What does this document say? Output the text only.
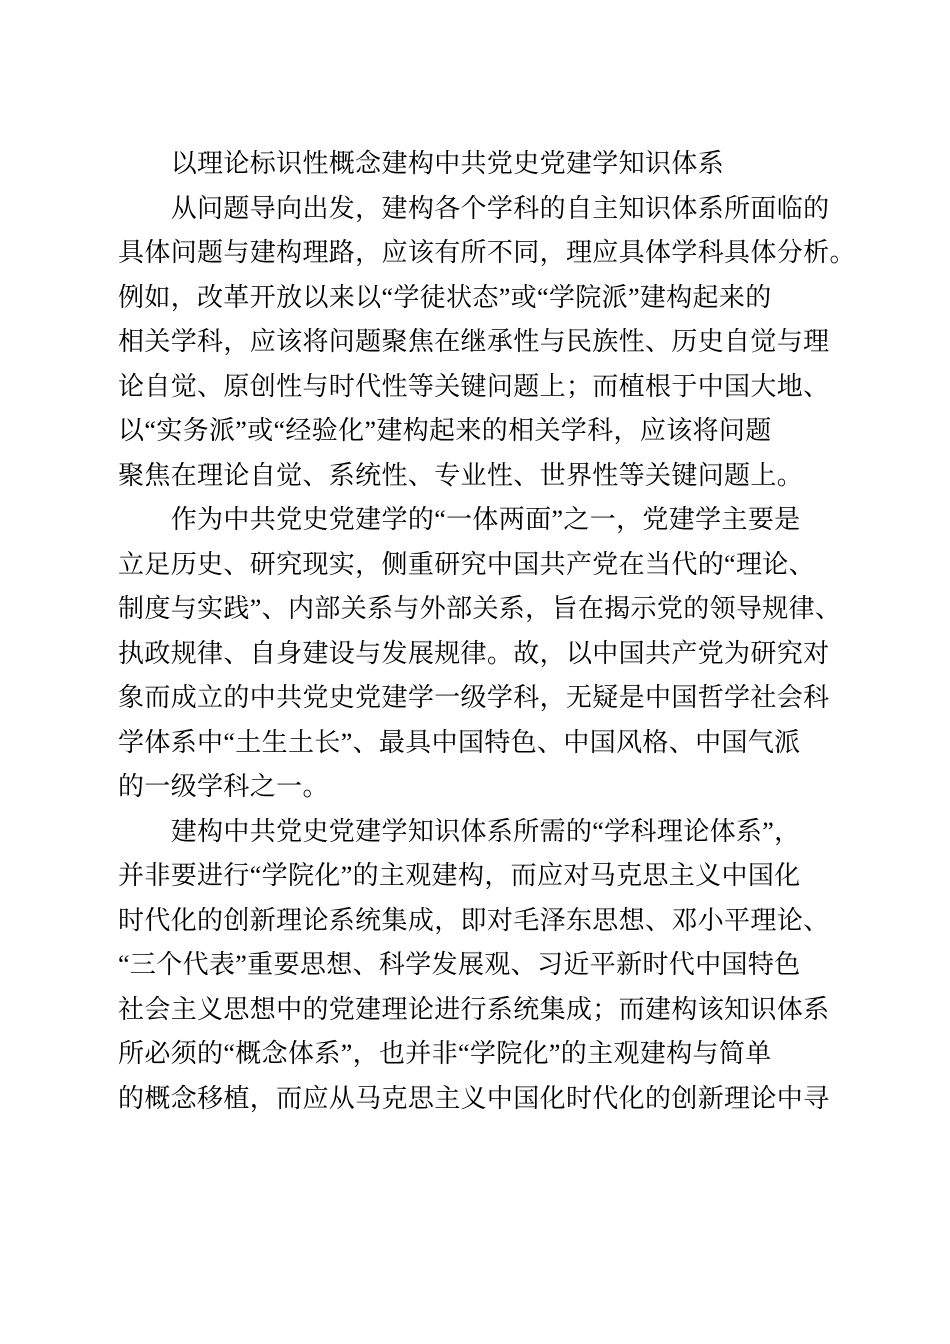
以理论标识性概念建构中共党史党建学知识体系
从问题导向出发，建构各个学科的自主知识体系所面临的
具体问题与建构理路，应该有所不同，理应具体学科具体分析。
例如，改革开放以来以“学徒状态”或“学院派”建构起来的
相关学科，应该将问题聚焦在继承性与民族性、历史自觉与理
论自觉、原创性与时代性等关键问题上；而植根于中国大地、
以“实务派”或“经验化”建构起来的相关学科，应该将问题
聚焦在理论自觉、系统性、专业性、世界性等关键问题上。
作为中共党史党建学的“一体两面”之一，党建学主要是
立足历史、研究现实，侧重研究中国共产党在当代的“理论、
制度与实践”、内部关系与外部关系，旨在揭示党的领导规律、
执政规律、自身建设与发展规律。故，以中国共产党为研究对
象而成立的中共党史党建学一级学科，无疑是中国哲学社会科
学体系中“土生土长”、最具中国特色、中国风格、中国气派
的一级学科之一。
建构中共党史党建学知识体系所需的“学科理论体系”，
并非要进行“学院化”的主观建构，而应对马克思主义中国化
时代化的创新理论系统集成，即对毛泽东思想、邓小平理论、
“三个代表”重要思想、科学发展观、习近平新时代中国特色
社会主义思想中的党建理论进行系统集成；而建构该知识体系
所必须的“概念体系”，也并非“学院化”的主观建构与简单
的概念移植，而应从马克思主义中国化时代化的创新理论中寻
